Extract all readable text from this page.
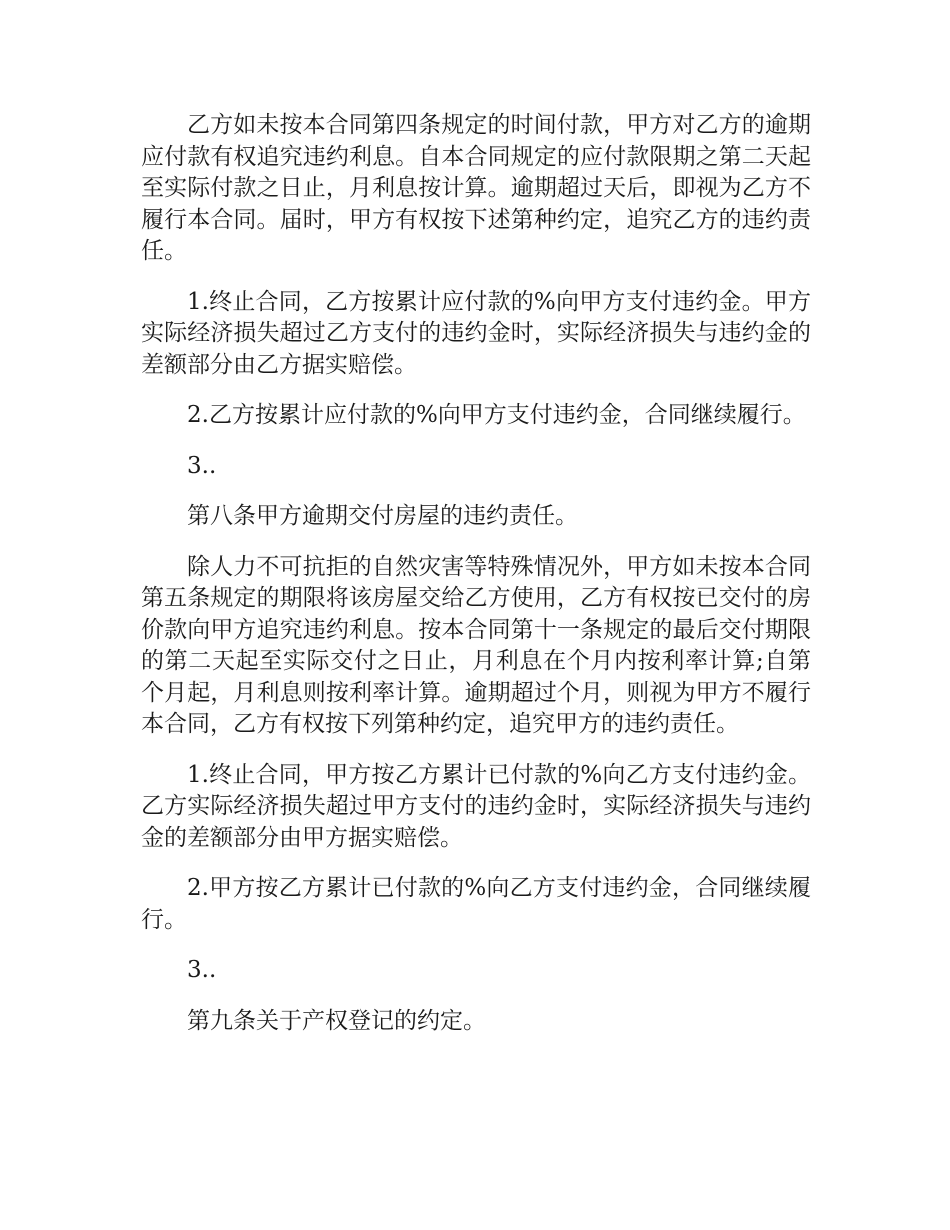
乙方如未按本合同第四条规定的时间付款，甲方对乙方的逾期应付款有权追究违约利息。自本合同规定的应付款限期之第二天起至实际付款之日止，月利息按计算。逾期超过天后，即视为乙方不履行本合同。届时，甲方有权按下述第种约定，追究乙方的违约责任。

1.终止合同，乙方按累计应付款的%向甲方支付违约金。甲方实际经济损失超过乙方支付的违约金时，实际经济损失与违约金的差额部分由乙方据实赔偿。

2.乙方按累计应付款的%向甲方支付违约金，合同继续履行。

3..

第八条甲方逾期交付房屋的违约责任。

除人力不可抗拒的自然灾害等特殊情况外，甲方如未按本合同第五条规定的期限将该房屋交给乙方使用，乙方有权按已交付的房价款向甲方追究违约利息。按本合同第十一条规定的最后交付期限的第二天起至实际交付之日止，月利息在个月内按利率计算;自第个月起，月利息则按利率计算。逾期超过个月，则视为甲方不履行本合同，乙方有权按下列第种约定，追究甲方的违约责任。

1.终止合同，甲方按乙方累计已付款的%向乙方支付违约金。乙方实际经济损失超过甲方支付的违约金时，实际经济损失与违约金的差额部分由甲方据实赔偿。

2.甲方按乙方累计已付款的%向乙方支付违约金，合同继续履行。

3..

第九条关于产权登记的约定。
